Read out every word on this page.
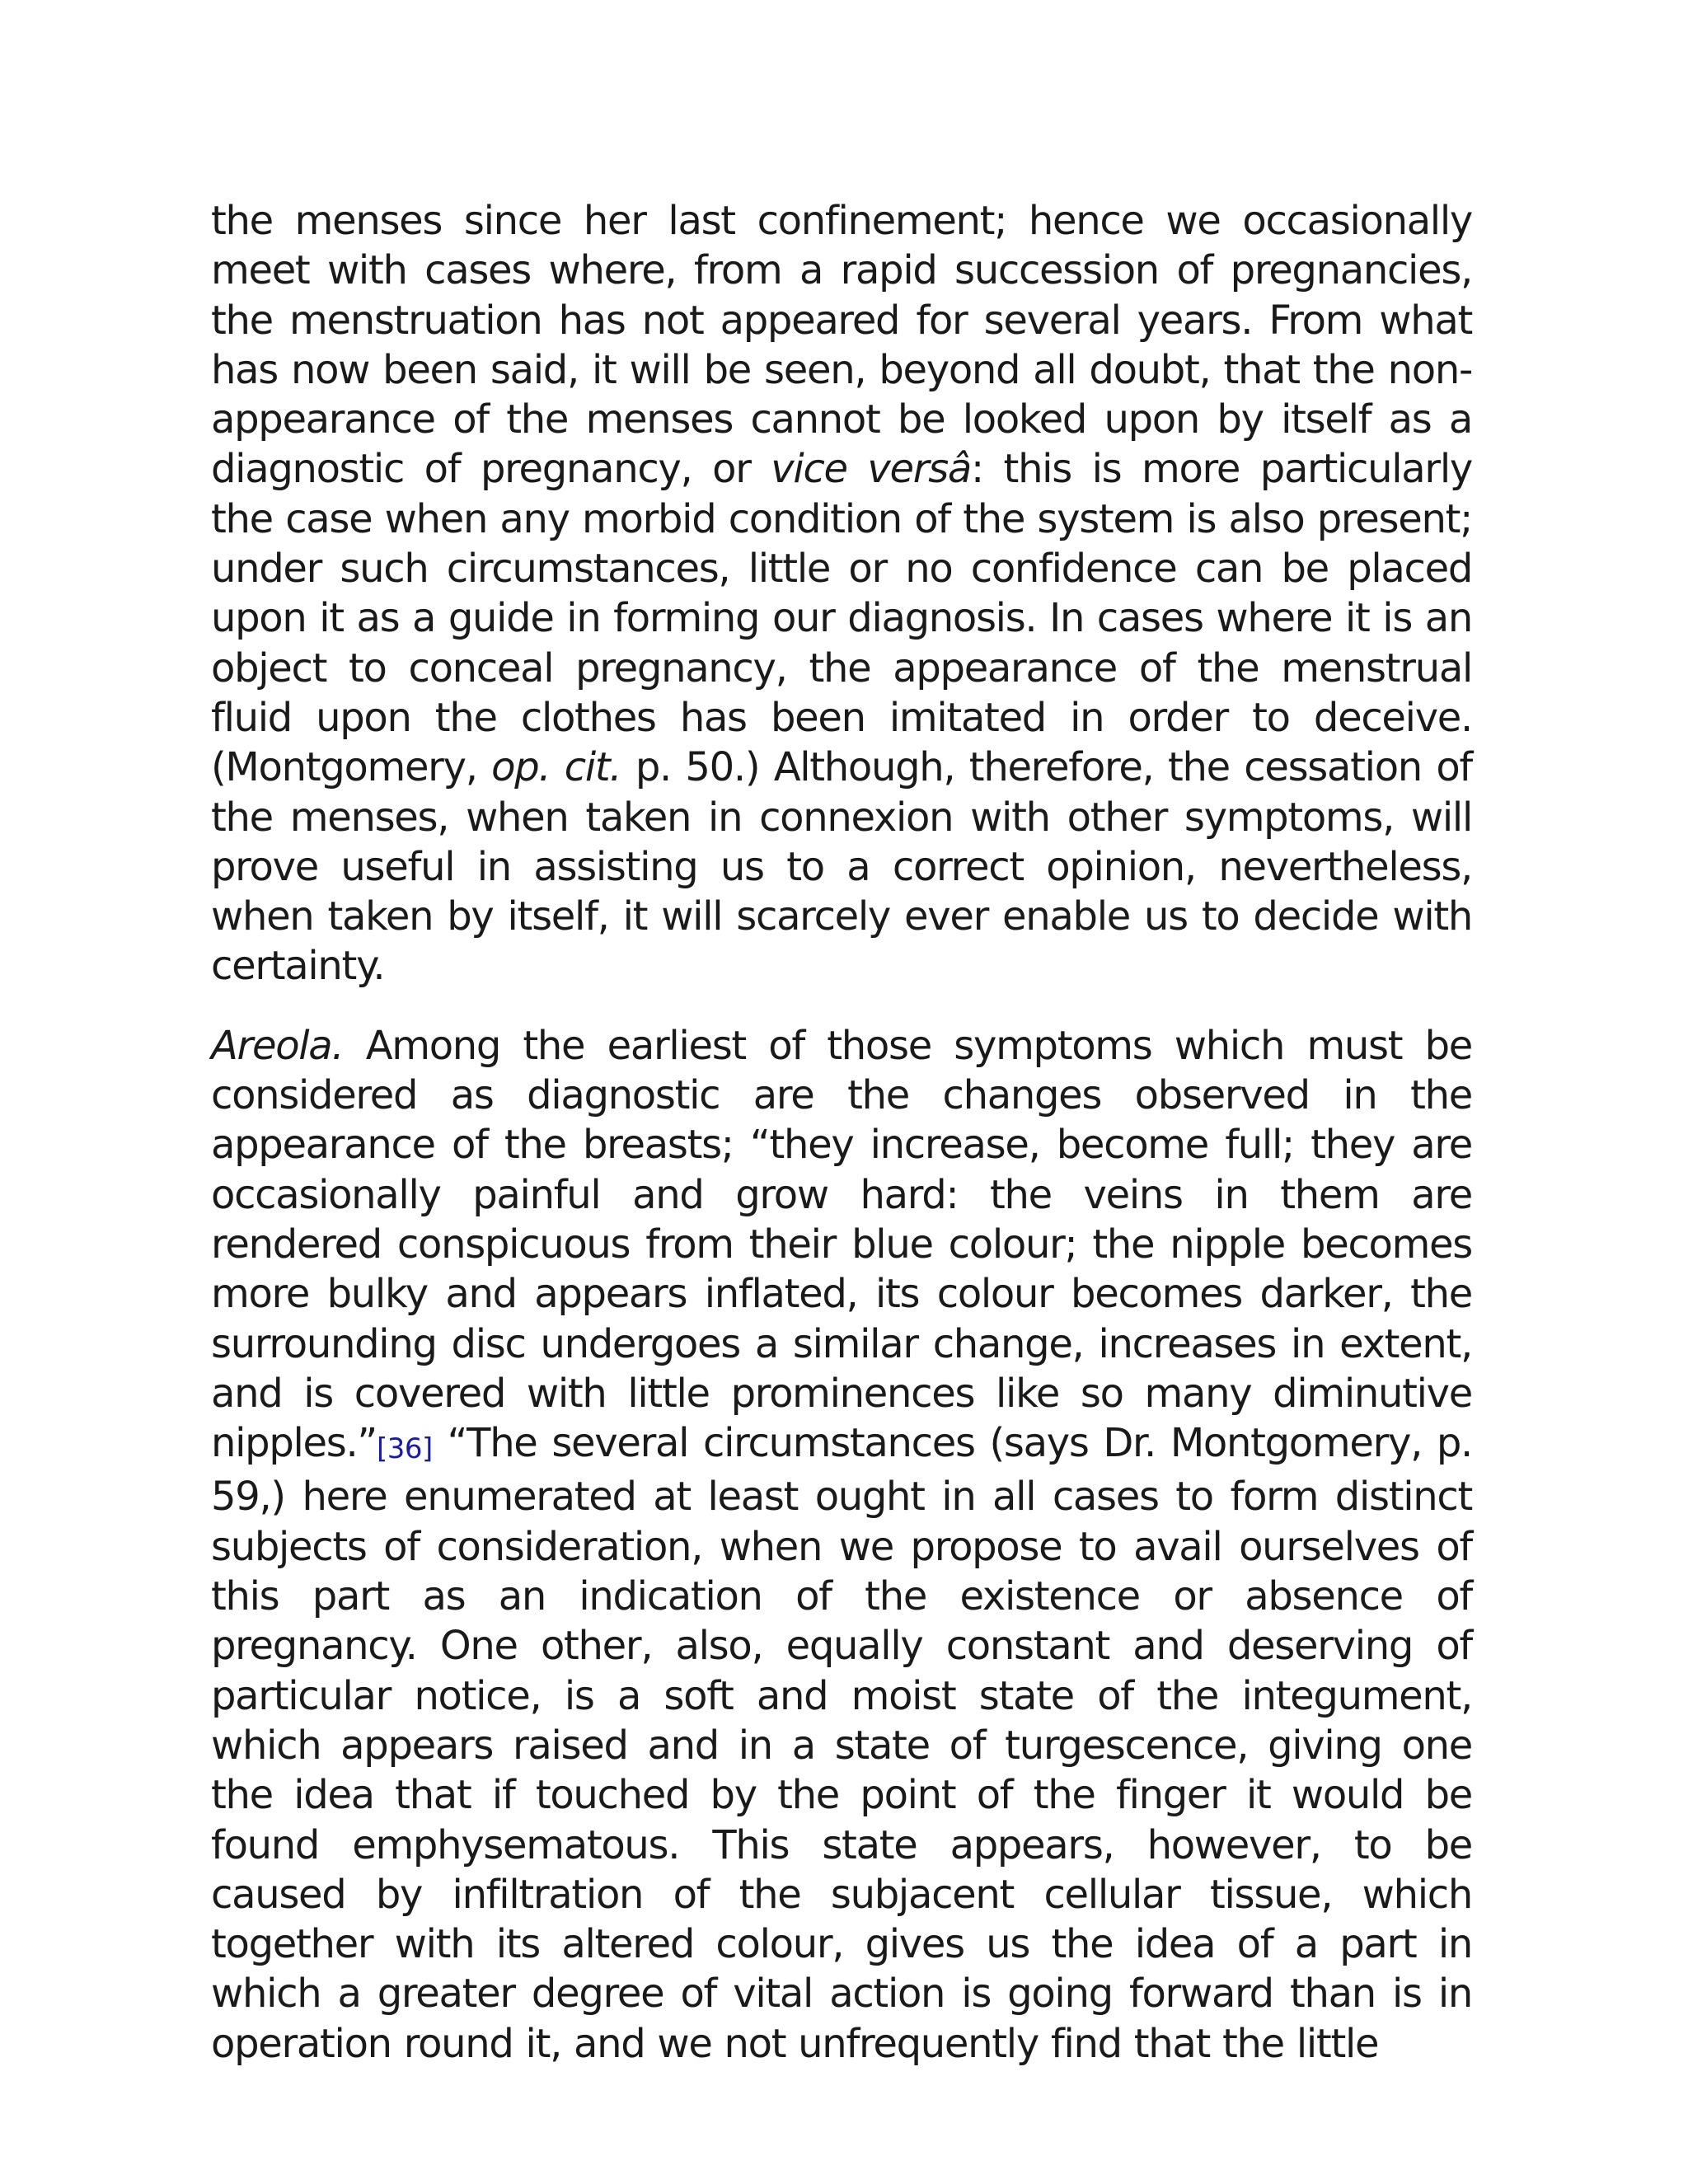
the menses since her last confinement; hence we occasionally meet with cases where, from a rapid succession of pregnancies, the menstruation has not appeared for several years. From what has now been said, it will be seen, beyond all doubt, that the non-appearance of the menses cannot be looked upon by itself as a diagnostic of pregnancy, or vice versâ: this is more particularly the case when any morbid condition of the system is also present; under such circumstances, little or no confidence can be placed upon it as a guide in forming our diagnosis. In cases where it is an object to conceal pregnancy, the appearance of the menstrual fluid upon the clothes has been imitated in order to deceive. (Montgomery, op. cit. p. 50.) Although, therefore, the cessation of the menses, when taken in connexion with other symptoms, will prove useful in assisting us to a correct opinion, nevertheless, when taken by itself, it will scarcely ever enable us to decide with certainty.

Areola. Among the earliest of those symptoms which must be considered as diagnostic are the changes observed in the appearance of the breasts; “they increase, become full; they are occasionally painful and grow hard: the veins in them are rendered conspicuous from their blue colour; the nipple becomes more bulky and appears inflated, its colour becomes darker, the surrounding disc undergoes a similar change, increases in extent, and is covered with little prominences like so many diminutive nipples.”[36] “The several circumstances (says Dr. Montgomery, p. 59,) here enumerated at least ought in all cases to form distinct subjects of consideration, when we propose to avail ourselves of this part as an indication of the existence or absence of pregnancy. One other, also, equally constant and deserving of particular notice, is a soft and moist state of the integument, which appears raised and in a state of turgescence, giving one the idea that if touched by the point of the finger it would be found emphysematous. This state appears, however, to be caused by infiltration of the subjacent cellular tissue, which together with its altered colour, gives us the idea of a part in which a greater degree of vital action is going forward than is in operation round it, and we not unfrequently find that the little
